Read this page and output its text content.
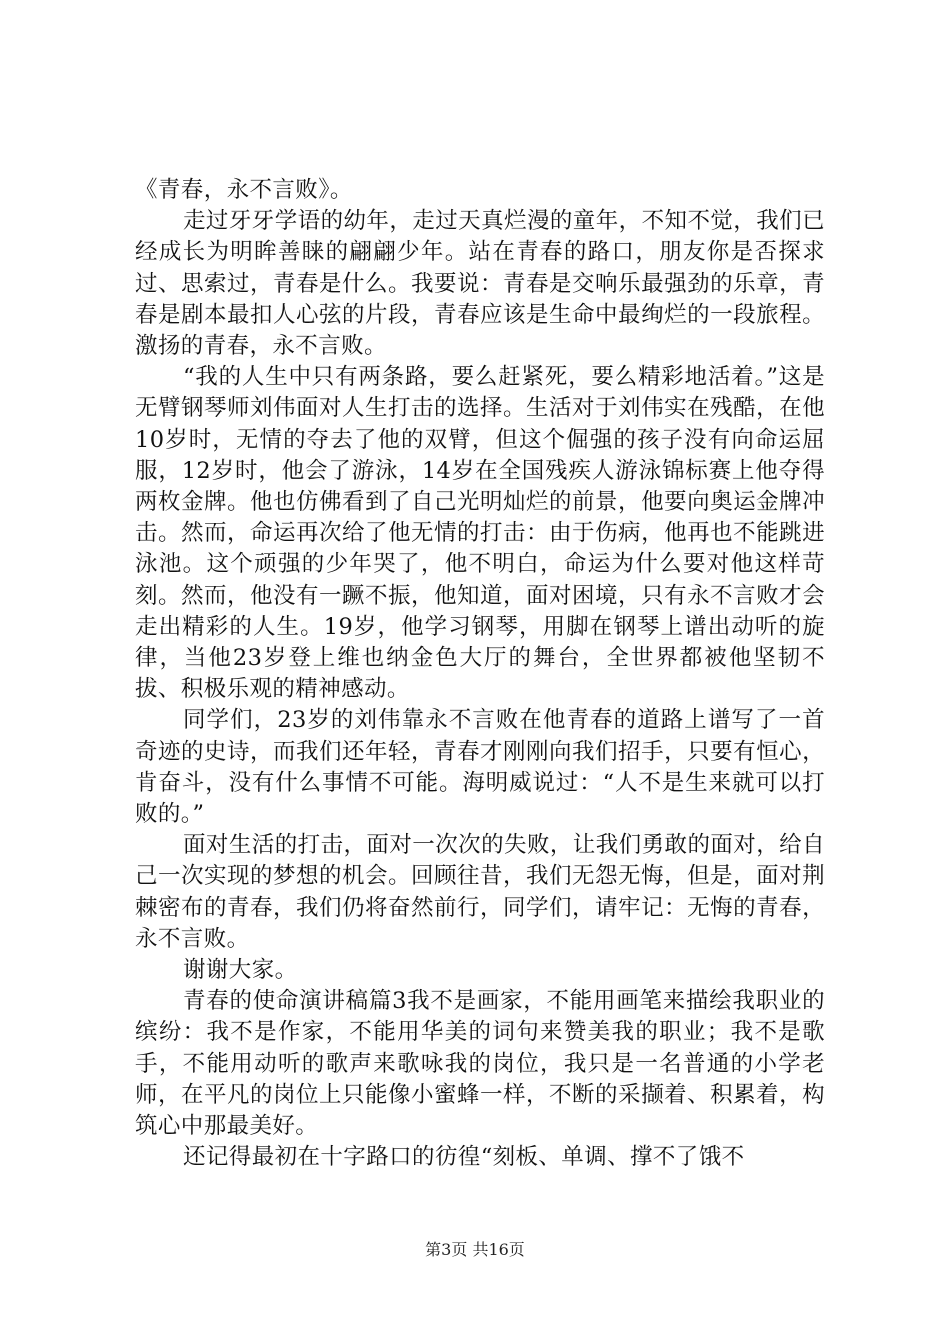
《青春，永不言败》。

走过牙牙学语的幼年，走过天真烂漫的童年，不知不觉，我们已经成长为明眸善睐的翩翩少年。站在青春的路口，朋友你是否探求过、思索过，青春是什么。我要说：青春是交响乐最强劲的乐章，青春是剧本最扣人心弦的片段，青春应该是生命中最绚烂的一段旅程。激扬的青春，永不言败。

“我的人生中只有两条路，要么赶紧死，要么精彩地活着。”这是无臂钢琴师刘伟面对人生打击的选择。生活对于刘伟实在残酷，在他10岁时，无情的夺去了他的双臂，但这个倔强的孩子没有向命运屈服，12岁时，他会了游泳，14岁在全国残疾人游泳锦标赛上他夺得两枚金牌。他也仿佛看到了自己光明灿烂的前景，他要向奥运金牌冲击。然而，命运再次给了他无情的打击：由于伤病，他再也不能跳进泳池。这个顽强的少年哭了，他不明白，命运为什么要对他这样苛刻。然而，他没有一蹶不振，他知道，面对困境，只有永不言败才会走出精彩的人生。19岁，他学习钢琴，用脚在钢琴上谱出动听的旋律，当他23岁登上维也纳金色大厅的舞台，全世界都被他坚韧不拔、积极乐观的精神感动。

同学们，23岁的刘伟靠永不言败在他青春的道路上谱写了一首奇迹的史诗，而我们还年轻，青春才刚刚向我们招手，只要有恒心，肯奋斗，没有什么事情不可能。海明威说过：“人不是生来就可以打败的。”

面对生活的打击，面对一次次的失败，让我们勇敢的面对，给自己一次实现的梦想的机会。回顾往昔，我们无怨无悔，但是，面对荆棘密布的青春，我们仍将奋然前行，同学们，请牢记：无悔的青春，永不言败。

谢谢大家。

青春的使命演讲稿篇3我不是画家，不能用画笔来描绘我职业的缤纷：我不是作家，不能用华美的词句来赞美我的职业；我不是歌手，不能用动听的歌声来歌咏我的岗位，我只是一名普通的小学老师，在平凡的岗位上只能像小蜜蜂一样，不断的采撷着、积累着，构筑心中那最美好。

还记得最初在十字路口的彷徨“刻板、单调、撑不了饿不

第3页 共16页
